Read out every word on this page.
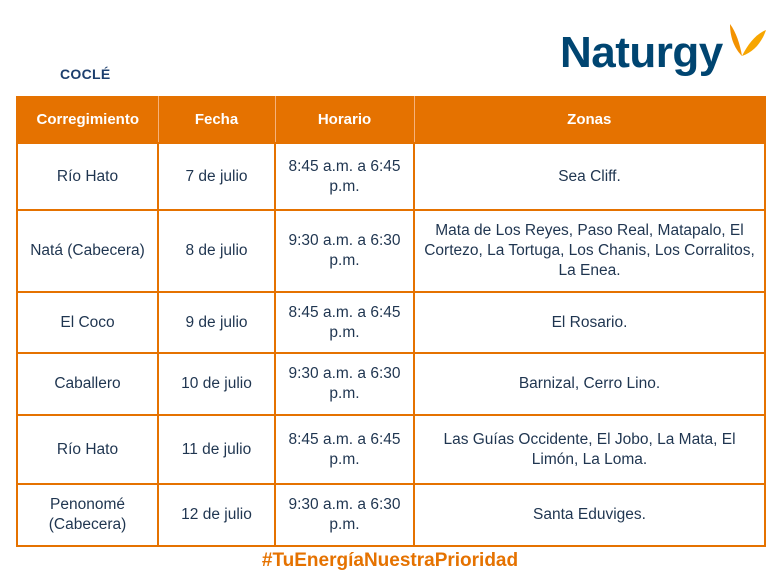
COCLÉ	Naturgy
Corregimiento	Fecha	Horario	Zonas
Río Hato	7 de julio	8:45 a.m. a 6:45 p.m.	Sea Cliff.
Natá (Cabecera)	8 de julio	9:30 a.m. a 6:30 p.m.	Mata de Los Reyes, Paso Real, Matapalo, El Cortezo, La Tortuga, Los Chanis, Los Corralitos, La Enea.
El Coco	9 de julio	8:45 a.m. a 6:45 p.m.	El Rosario.
Caballero	10 de julio	9:30 a.m. a 6:30 p.m.	Barnizal, Cerro Lino.
Río Hato	11 de julio	8:45 a.m. a 6:45 p.m.	Las Guías Occidente, El Jobo, La Mata, El Limón, La Loma.
Penonomé (Cabecera)	12 de julio	9:30 a.m. a 6:30 p.m.	Santa Eduviges.
#TuEnergíaNuestraPrioridad
